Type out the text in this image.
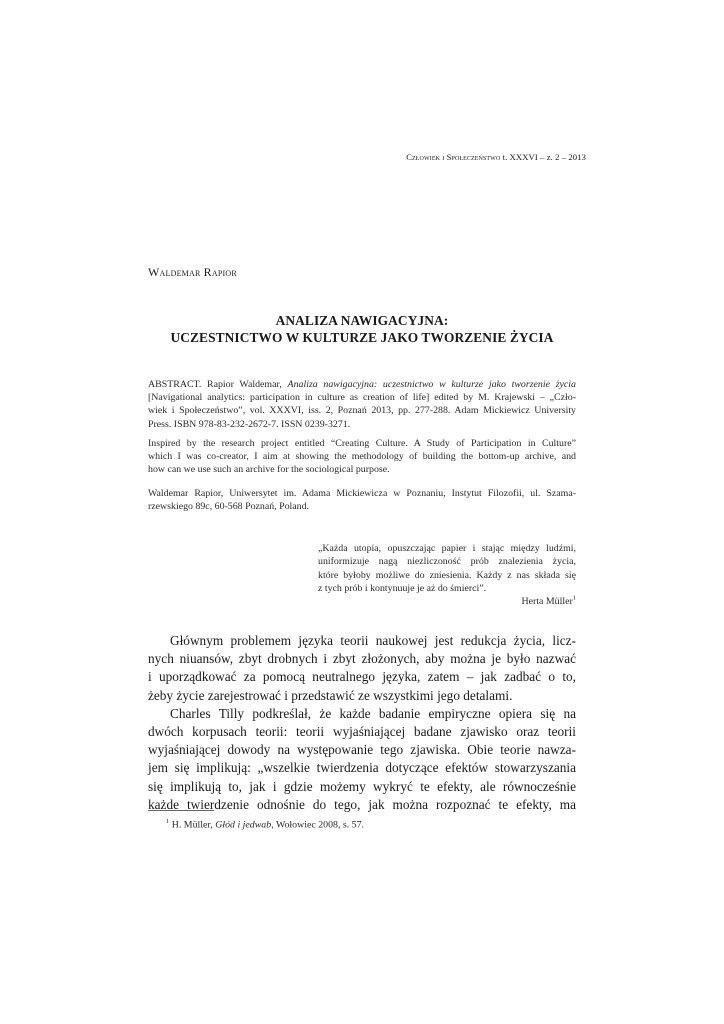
Człowiek i Społeczeństwo t. XXXVI – z. 2 – 2013
Waldemar Rapior
ANALIZA NAWIGACYJNA:
UCZESTNICTWO W KULTURZE JAKO TWORZENIE ŻYCIA
ABSTRACT. Rapior Waldemar, Analiza nawigacyjna: uczestnictwo w kulturze jako tworzenie życia
[Navigational analytics: participation in culture as creation of life] edited by M. Krajewski – „Czło-
wiek i Społeczeństwo”, vol. XXXVI, iss. 2, Poznań 2013, pp. 277-288. Adam Mickiewicz University
Press. ISBN 978-83-232-2672-7. ISSN 0239-3271.
Inspired by the research project entitled “Creating Culture. A Study of Participation in Culture”
which I was co-creator, I aim at showing the methodology of building the bottom-up archive, and
how can we use such an archive for the sociological purpose.
Waldemar Rapior, Uniwersytet im. Adama Mickiewicza w Poznaniu, Instytut Filozofii, ul. Szama-
rzewskiego 89c, 60-568 Poznań, Poland.
„Każda utopia, opuszczając papier i stając między ludźmi,
uniformizuje nagą niezliczoność prób znalezienia życia,
które byłoby możliwe do zniesienia. Każdy z nas składa się
z tych prób i kontynuuje je aż do śmierci”.
Herta Müller$^1$
Głównym problemem języka teorii naukowej jest redukcja życia, licz-
nych niuansów, zbyt drobnych i zbyt złożonych, aby można je było nazwać
i uporządkować za pomocą neutralnego języka, zatem – jak zadbać o to,
żeby życie zarejestrować i przedstawić ze wszystkimi jego detalami.
Charles Tilly podkreślał, że każde badanie empiryczne opiera się na
dwóch korpusach teorii: teorii wyjaśniającej badane zjawisko oraz teorii
wyjaśniającej dowody na występowanie tego zjawiska. Obie teorie nawza-
jem się implikują: „wszelkie twierdzenia dotyczące efektów stowarzyszania
się implikują to, jak i gdzie możemy wykryć te efekty, ale równocześnie
każde twierdzenie odnośnie do tego, jak można rozpoznać te efekty, ma
$^1$ H. Müller, Głód i jedwab, Wołowiec 2008, s. 57.
